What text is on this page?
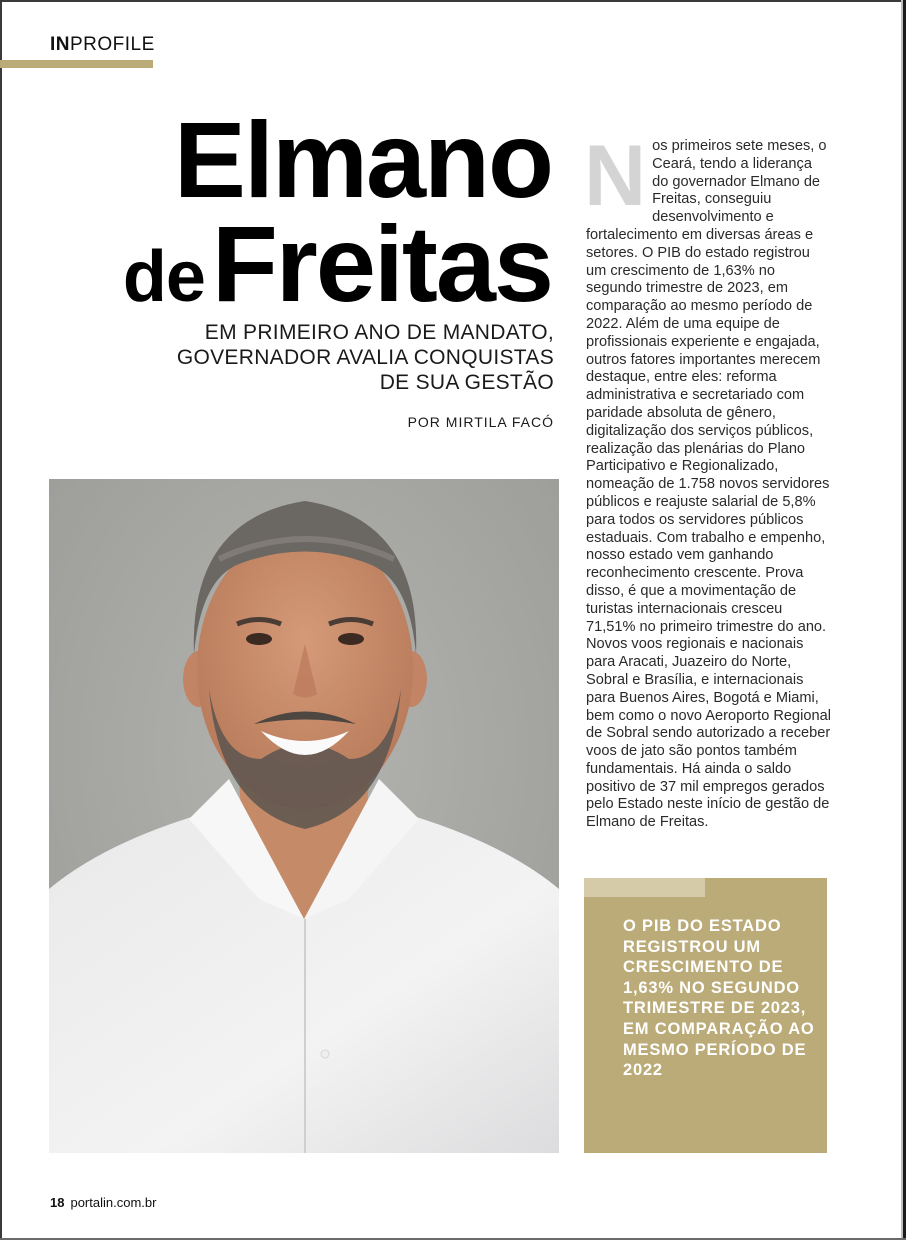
INPROFILE
Elmano
de Freitas
EM PRIMEIRO ANO DE MANDATO,
GOVERNADOR AVALIA CONQUISTAS
DE SUA GESTÃO
POR MIRTILA FACÓ
N os primeiros sete meses, o Ceará, tendo a liderança do governador Elmano de Freitas, conseguiu desenvolvimento e fortalecimento em diversas áreas e setores. O PIB do estado registrou um crescimento de 1,63% no segundo trimestre de 2023, em comparação ao mesmo período de 2022. Além de uma equipe de profissionais experiente e engajada, outros fatores importantes merecem destaque, entre eles: reforma administrativa e secretariado com paridade absoluta de gênero, digitalização dos serviços públicos, realização das plenárias do Plano Participativo e Regionalizado, nomeação de 1.758 novos servidores públicos e reajuste salarial de 5,8% para todos os servidores públicos estaduais. Com trabalho e empenho, nosso estado vem ganhando reconhecimento crescente. Prova disso, é que a movimentação de turistas internacionais cresceu 71,51% no primeiro trimestre do ano. Novos voos regionais e nacionais para Aracati, Juazeiro do Norte, Sobral e Brasília, e internacionais para Buenos Aires, Bogotá e Miami, bem como o novo Aeroporto Regional de Sobral sendo autorizado a receber voos de jato são pontos também fundamentais. Há ainda o saldo positivo de 37 mil empregos gerados pelo Estado neste início de gestão de Elmano de Freitas.

O PIB DO ESTADO REGISTROU UM CRESCIMENTO DE 1,63% NO SEGUNDO TRIMESTRE DE 2023, EM COMPARAÇÃO AO MESMO PERÍODO DE 2022
18 portalin.com.br
